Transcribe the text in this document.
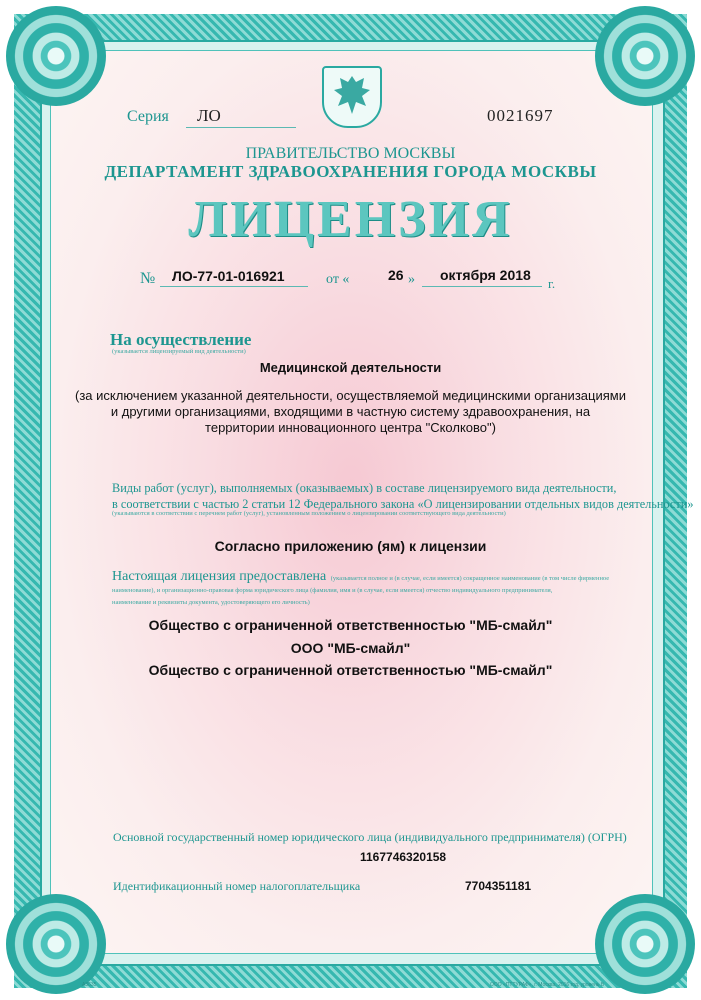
Серия ЛО	0021697
ПРАВИТЕЛЬСТВО МОСКВЫ
ДЕПАРТАМЕНТ ЗДРАВООХРАНЕНИЯ ГОРОДА МОСКВЫ
ЛИЦЕНЗИЯ
№ ЛО-77-01-016921	от «	26 » октября 2018
г.
На осуществление
(указывается лицензируемый вид деятельности)
Медицинской деятельности
(за исключением указанной деятельности, осуществляемой медицинскими организациями
и другими организациями, входящими в частную систему здравоохранения, на
территории инновационного центра "Сколково")
Виды работ (услуг), выполняемых (оказываемых) в составе лицензируемого вида деятельности,
в соответствии с частью 2 статьи 12 Федерального закона «О лицензировании отдельных видов деятельности»
(указываются в соответствии с перечнем работ (услуг), установленным положением о лицензировании соответствующего вида деятельности)
Согласно приложению (ям) к лицензии
Настоящая лицензия предоставлена (указывается полное и (в случае, если имеется) сокращенное наименование (в том числе фирменное
наименование), и организационно-правовая форма юридического лица (фамилия, имя и (в случае, если имеется) отчество индивидуального предпринимателя,
наименование и реквизиты документа, удостоверяющего его личность)
Общество с ограниченной ответственностью "МБ-смайл"
ООО "МБ-смайл"
Общество с ограниченной ответственностью "МБ-смайл"
Основной государственный номер юридического лица (индивидуального предпринимателя) (ОГРН)
1167746320158
Идентификационный номер налогоплательщика	7704351181
А3635	ООО «ПТТУРАФ», г. Москва, 2016 год, уровень Б
